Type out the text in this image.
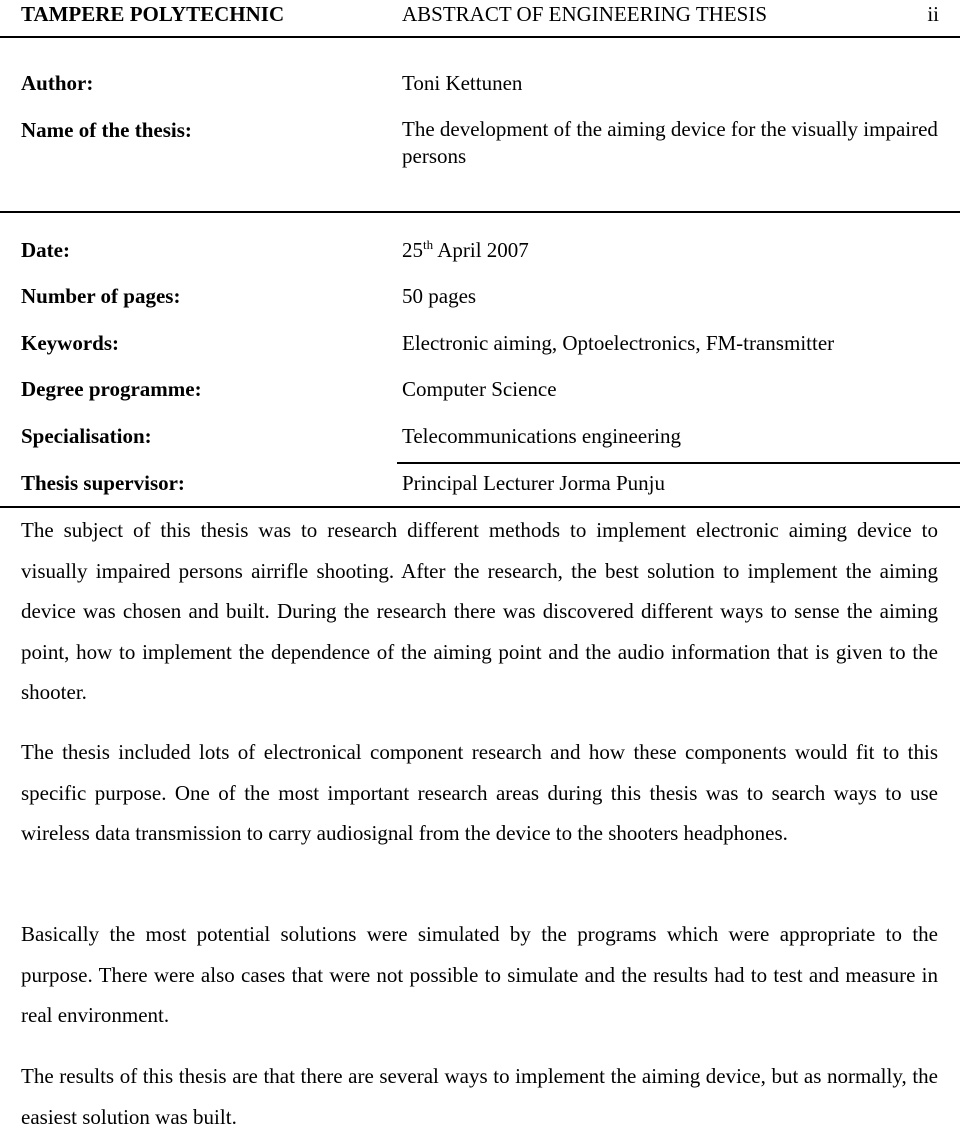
TAMPERE POLYTECHNIC	ABSTRACT OF ENGINEERING THESIS	ii
Author:	Toni Kettunen
Name of the thesis:	The development of the aiming device for the visually impaired persons
Date:	25th April 2007
Number of pages:	50 pages
Keywords:	Electronic aiming, Optoelectronics, FM-transmitter
Degree programme:	Computer Science
Specialisation:	Telecommunications engineering
Thesis supervisor:	Principal Lecturer Jorma Punju

The subject of this thesis was to research different methods to implement electronic aiming device to visually impaired persons airrifle shooting. After the research, the best solution to implement the aiming device was chosen and built. During the research there was discovered different ways to sense the aiming point, how to implement the dependence of the aiming point and the audio information that is given to the shooter.

The thesis included lots of electronical component research and how these components would fit to this specific purpose. One of the most important research areas during this thesis was to search ways to use wireless data transmission to carry audiosignal from the device to the shooters headphones.

Basically the most potential solutions were simulated by the programs which were appropriate to the purpose. There were also cases that were not possible to simulate and the results had to test and measure in real environment.

The results of this thesis are that there are several ways to implement the aiming device, but as normally, the easiest solution was built.
